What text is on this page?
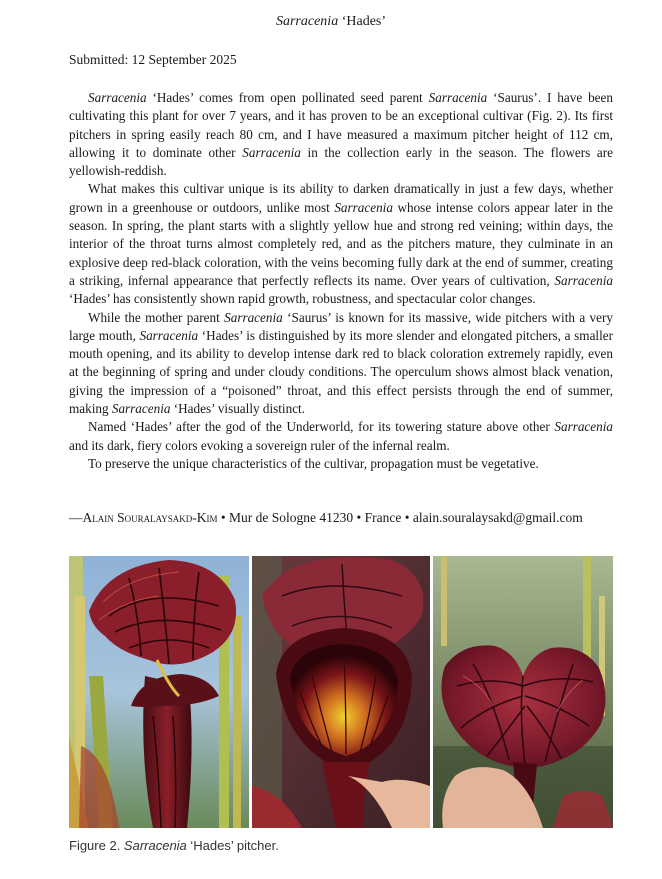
Sarracenia ‘Hades’
Submitted: 12 September 2025

Sarracenia ‘Hades’ comes from open pollinated seed parent Sarracenia ‘Saurus’. I have been cultivating this plant for over 7 years, and it has proven to be an exceptional cultivar (Fig. 2). Its first pitchers in spring easily reach 80 cm, and I have measured a maximum pitcher height of 112 cm, allowing it to dominate other Sarracenia in the collection early in the season. The flowers are yellowish-reddish.

What makes this cultivar unique is its ability to darken dramatically in just a few days, whether grown in a greenhouse or outdoors, unlike most Sarracenia whose intense colors appear later in the season. In spring, the plant starts with a slightly yellow hue and strong red veining; within days, the interior of the throat turns almost completely red, and as the pitchers mature, they culminate in an explosive deep red-black coloration, with the veins becoming fully dark at the end of summer, creating a striking, infernal appearance that perfectly reflects its name. Over years of cultivation, Sarracenia ‘Hades’ has consistently shown rapid growth, robustness, and spectacular color changes.

While the mother parent Sarracenia ‘Saurus’ is known for its massive, wide pitchers with a very large mouth, Sarracenia ‘Hades’ is distinguished by its more slender and elongated pitchers, a smaller mouth opening, and its ability to develop intense dark red to black coloration extremely rapidly, even at the beginning of spring and under cloudy conditions. The operculum shows almost black venation, giving the impression of a “poisoned” throat, and this effect persists through the end of summer, making Sarracenia ‘Hades’ visually distinct.

Named ‘Hades’ after the god of the Underworld, for its towering stature above other Sarracenia and its dark, fiery colors evoking a sovereign ruler of the infernal realm.

To preserve the unique characteristics of the cultivar, propagation must be vegetative.

—Alain Souralaysakd-Kim • Mur de Sologne 41230 • France • alain.souralaysakd@gmail.com
Figure 2. Sarracenia ‘Hades’ pitcher.
